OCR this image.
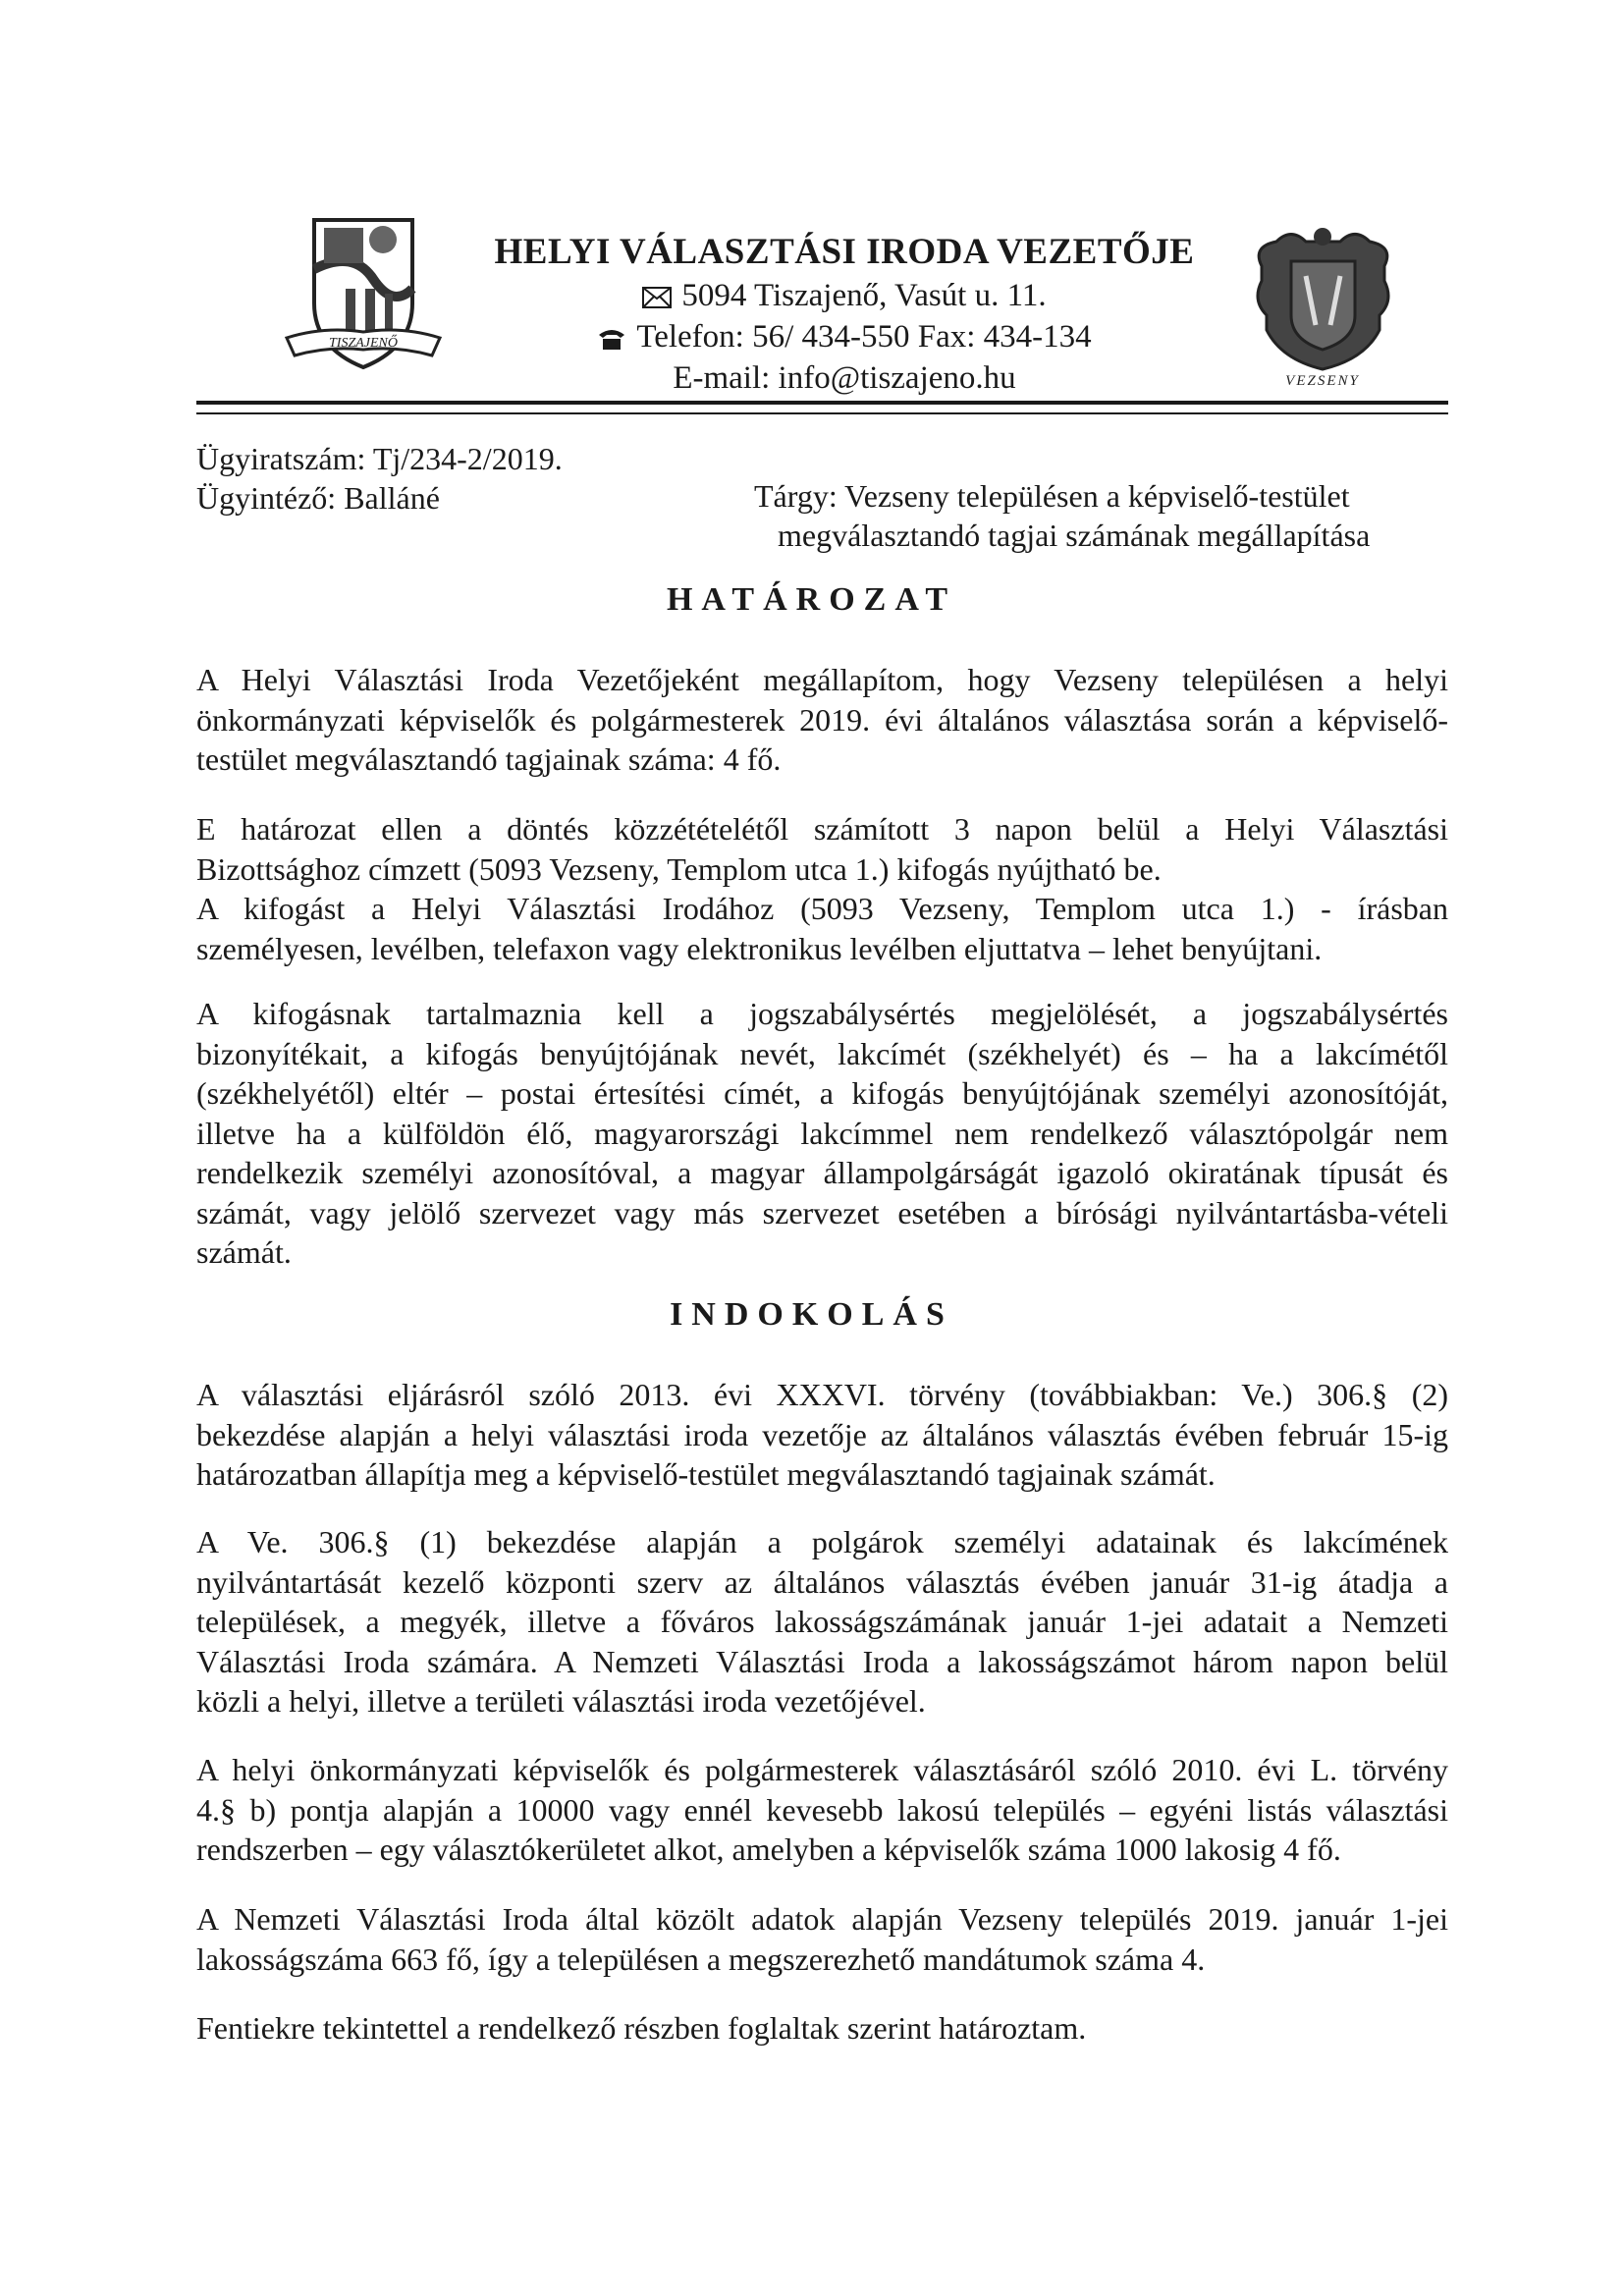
TISZAJENŐ

HELYI VÁLASZTÁSI IRODA VEZETŐJE

5094 Tiszajenő, Vasút u. 11.

Telefon: 56/ 434-550 Fax: 434-134

E-mail: info@tiszajeno.hu	VEZSENY
Ügyiratszám: Tj/234-2/2019.
Ügyintéző: Balláné	Tárgy: Vezseny településen a képviselő-testület
megválasztandó tagjai számának megállapítása
HATÁROZAT

A Helyi Választási Iroda Vezetőjeként megállapítom, hogy Vezseny településen a helyi
önkormányzati képviselők és polgármesterek 2019. évi általános választása során a képviselő-
testület megválasztandó tagjainak száma: 4 fő.

E határozat ellen a döntés közzétételétől számított 3 napon belül a Helyi Választási
Bizottsághoz címzett (5093 Vezseny, Templom utca 1.) kifogás nyújtható be.
A kifogást a Helyi Választási Irodához (5093 Vezseny, Templom utca 1.) - írásban
személyesen, levélben, telefaxon vagy elektronikus levélben eljuttatva – lehet benyújtani.

A kifogásnak tartalmaznia kell a jogszabálysértés megjelölését, a jogszabálysértés
bizonyítékait, a kifogás benyújtójának nevét, lakcímét (székhelyét) és – ha a lakcímétől
(székhelyétől) eltér – postai értesítési címét, a kifogás benyújtójának személyi azonosítóját,
illetve ha a külföldön élő, magyarországi lakcímmel nem rendelkező választópolgár nem
rendelkezik személyi azonosítóval, a magyar állampolgárságát igazoló okiratának típusát és
számát, vagy jelölő szervezet vagy más szervezet esetében a bírósági nyilvántartásba-vételi
számát.

INDOKOLÁS

A választási eljárásról szóló 2013. évi XXXVI. törvény (továbbiakban: Ve.) 306.§ (2)
bekezdése alapján a helyi választási iroda vezetője az általános választás évében február 15-ig
határozatban állapítja meg a képviselő-testület megválasztandó tagjainak számát.

A Ve. 306.§ (1) bekezdése alapján a polgárok személyi adatainak és lakcímének
nyilvántartását kezelő központi szerv az általános választás évében január 31-ig átadja a
települések, a megyék, illetve a főváros lakosságszámának január 1-jei adatait a Nemzeti
Választási Iroda számára. A Nemzeti Választási Iroda a lakosságszámot három napon belül
közli a helyi, illetve a területi választási iroda vezetőjével.

A helyi önkormányzati képviselők és polgármesterek választásáról szóló 2010. évi L. törvény
4.§ b) pontja alapján a 10000 vagy ennél kevesebb lakosú település – egyéni listás választási
rendszerben – egy választókerületet alkot, amelyben a képviselők száma 1000 lakosig 4 fő.

A Nemzeti Választási Iroda által közölt adatok alapján Vezseny település 2019. január 1-jei
lakosságszáma 663 fő, így a településen a megszerezhető mandátumok száma 4.

Fentiekre tekintettel a rendelkező részben foglaltak szerint határoztam.
